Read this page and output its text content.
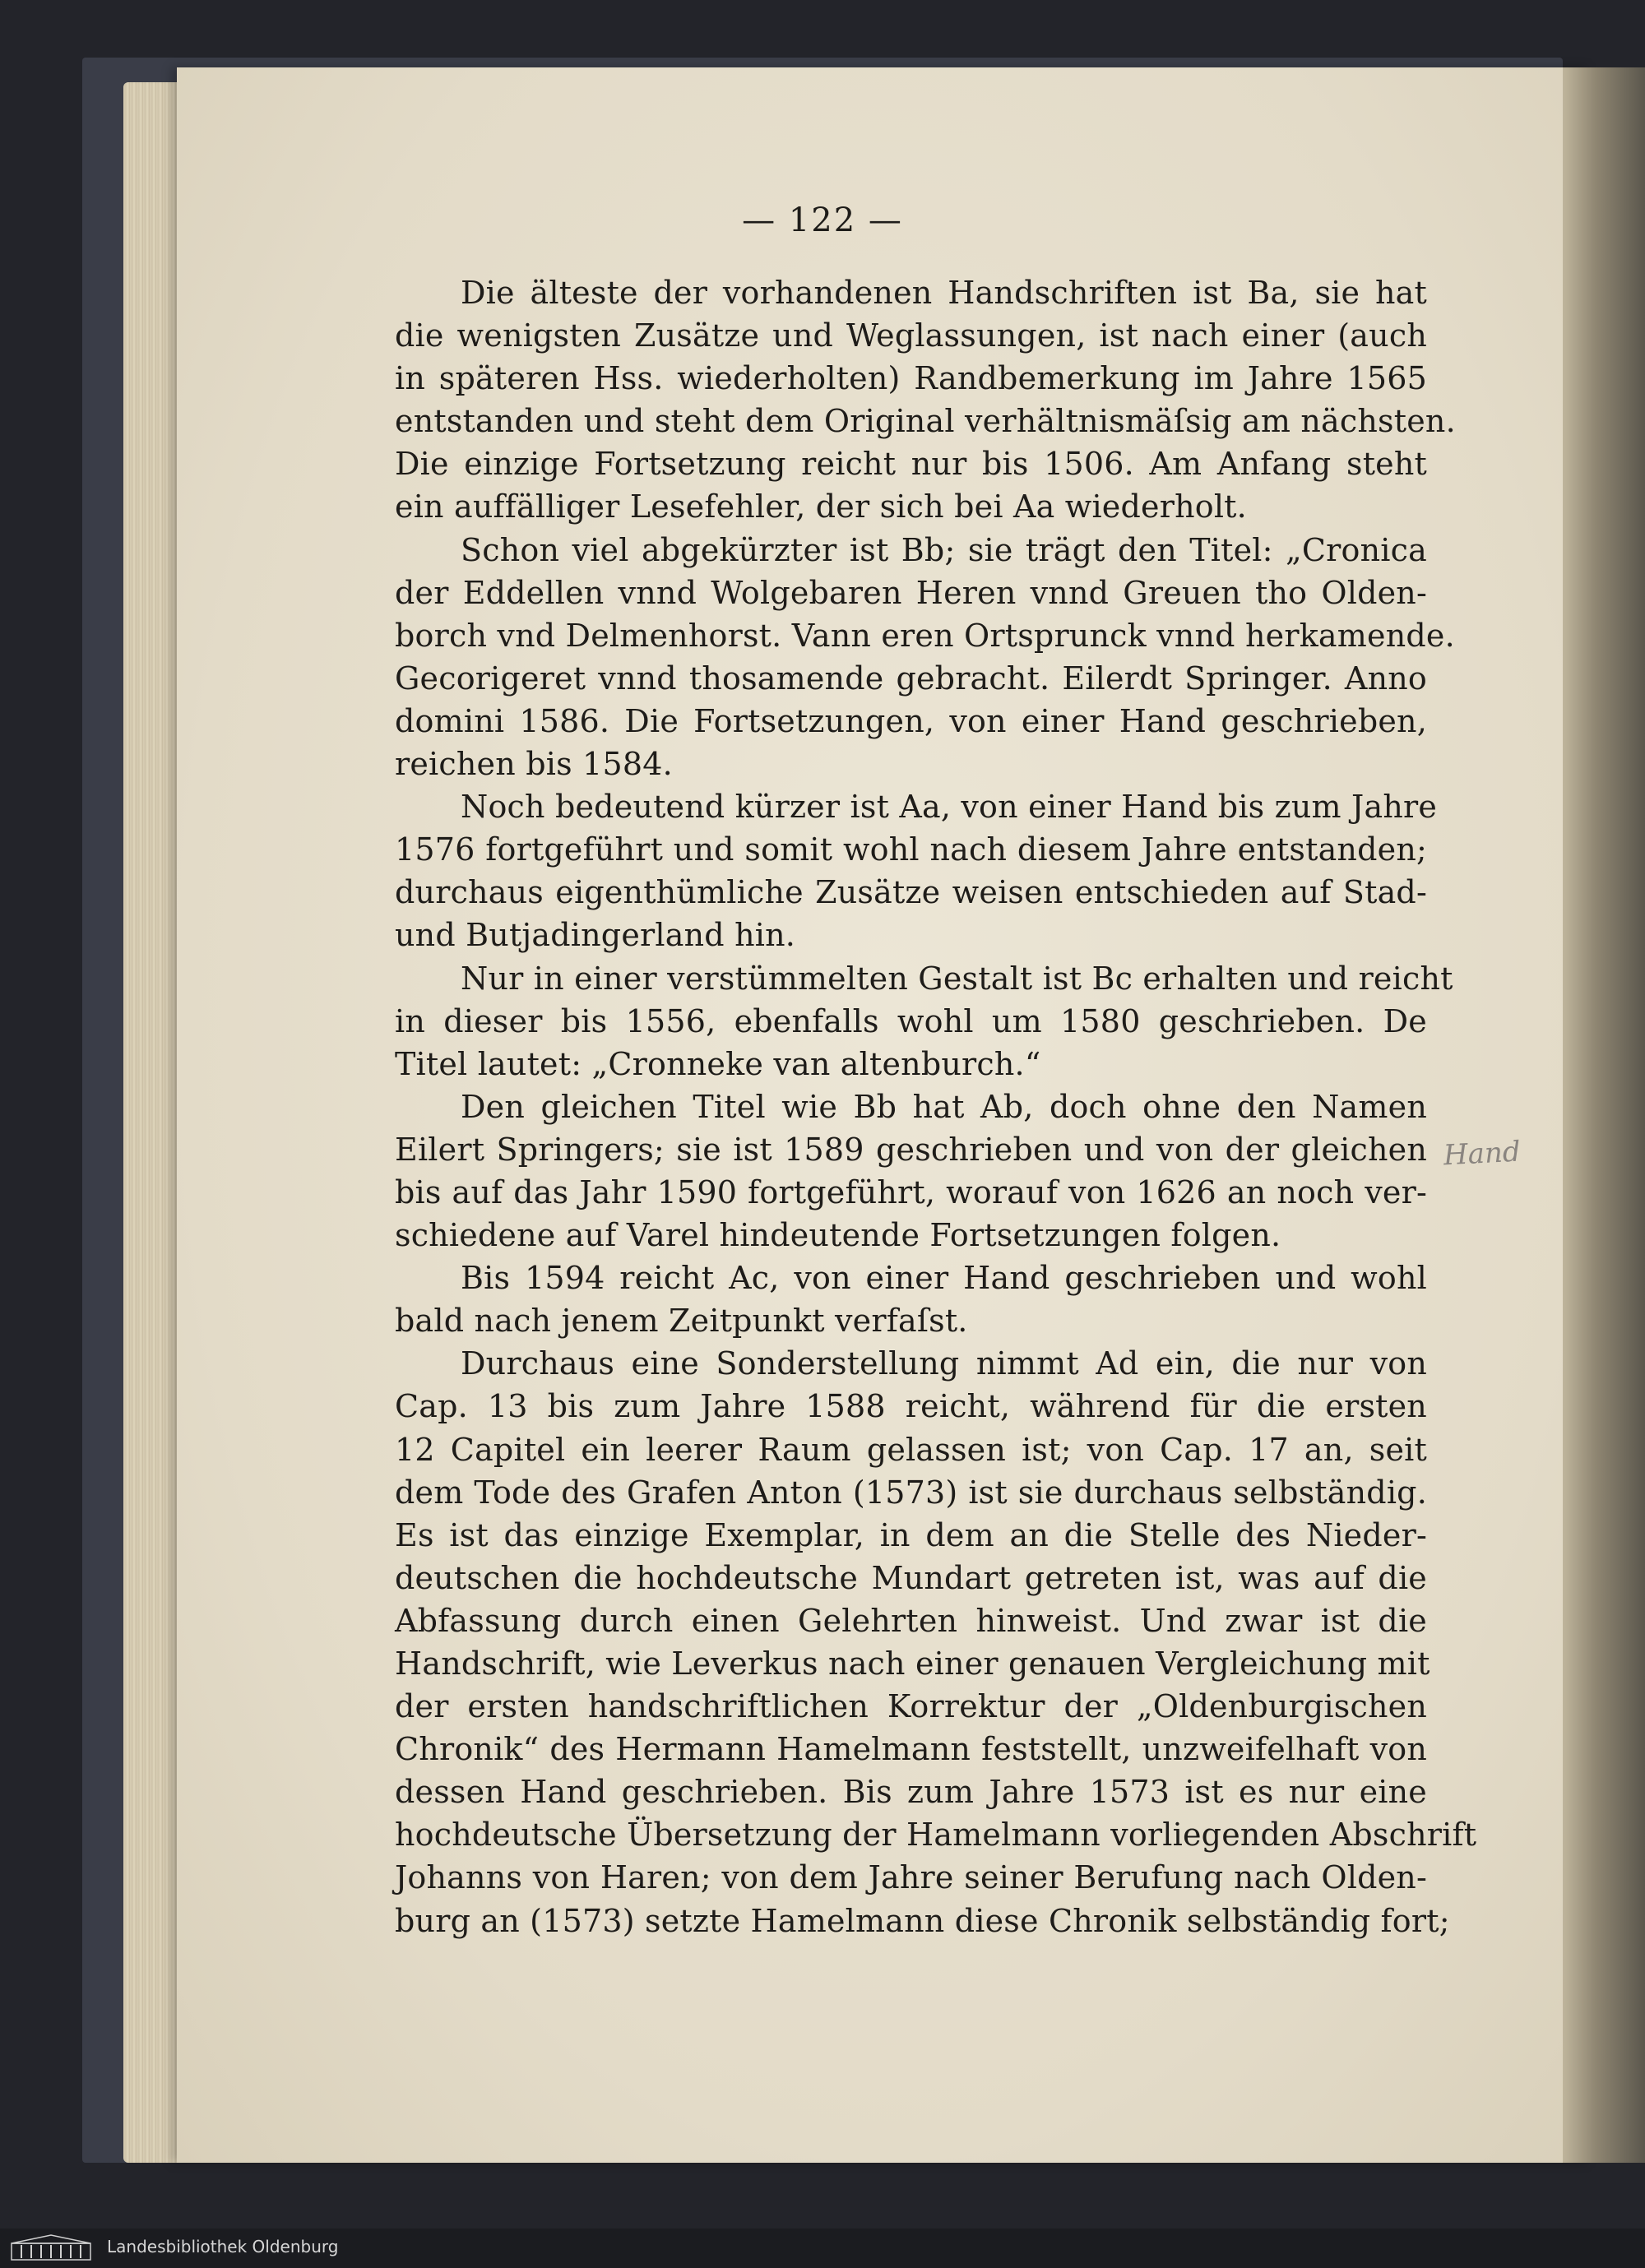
— 122 —
Die älteste der vorhandenen Handschriften ist Ba, sie hat
die wenigsten Zusätze und Weglassungen, ist nach einer (auch
in späteren Hss. wiederholten) Randbemerkung im Jahre 1565
entstanden und steht dem Original verhältnismäſsig am nächsten.
Die einzige Fortsetzung reicht nur bis 1506. Am Anfang steht
ein auffälliger Lesefehler, der sich bei Aa wiederholt.
Schon viel abgekürzter ist Bb; sie trägt den Titel: „Cronica
der Eddellen vnnd Wolgebaren Heren vnnd Greuen tho Olden-
borch vnd Delmenhorst. Vann eren Ortsprunck vnnd herkamende.
Gecorigeret vnnd thosamende gebracht. Eilerdt Springer. Anno
domini 1586. Die Fortsetzungen, von einer Hand geschrieben,
reichen bis 1584.
Noch bedeutend kürzer ist Aa, von einer Hand bis zum Jahre
1576 fortgeführt und somit wohl nach diesem Jahre entstanden;
durchaus eigenthümliche Zusätze weisen entschieden auf Stad-
und Butjadingerland hin.
Nur in einer verstümmelten Gestalt ist Bc erhalten und reicht
in dieser bis 1556, ebenfalls wohl um 1580 geschrieben. De
Titel lautet: „Cronneke van altenburch.“
Den gleichen Titel wie Bb hat Ab, doch ohne den Namen
Eilert Springers; sie ist 1589 geschrieben und von der gleichen
bis auf das Jahr 1590 fortgeführt, worauf von 1626 an noch ver-
schiedene auf Varel hindeutende Fortsetzungen folgen.
Bis 1594 reicht Ac, von einer Hand geschrieben und wohl
bald nach jenem Zeitpunkt verfaſst.
Durchaus eine Sonderstellung nimmt Ad ein, die nur von
Cap. 13 bis zum Jahre 1588 reicht, während für die ersten
12 Capitel ein leerer Raum gelassen ist; von Cap. 17 an, seit
dem Tode des Grafen Anton (1573) ist sie durchaus selbständig.
Es ist das einzige Exemplar, in dem an die Stelle des Nieder-
deutschen die hochdeutsche Mundart getreten ist, was auf die
Abfassung durch einen Gelehrten hinweist. Und zwar ist die
Handschrift, wie Leverkus nach einer genauen Vergleichung mit
der ersten handschriftlichen Korrektur der „Oldenburgischen
Chronik“ des Hermann Hamelmann feststellt, unzweifelhaft von
dessen Hand geschrieben. Bis zum Jahre 1573 ist es nur eine
hochdeutsche Übersetzung der Hamelmann vorliegenden Abschrift
Johanns von Haren; von dem Jahre seiner Berufung nach Olden-
burg an (1573) setzte Hamelmann diese Chronik selbständig fort;
Hand
Landesbibliothek Oldenburg
